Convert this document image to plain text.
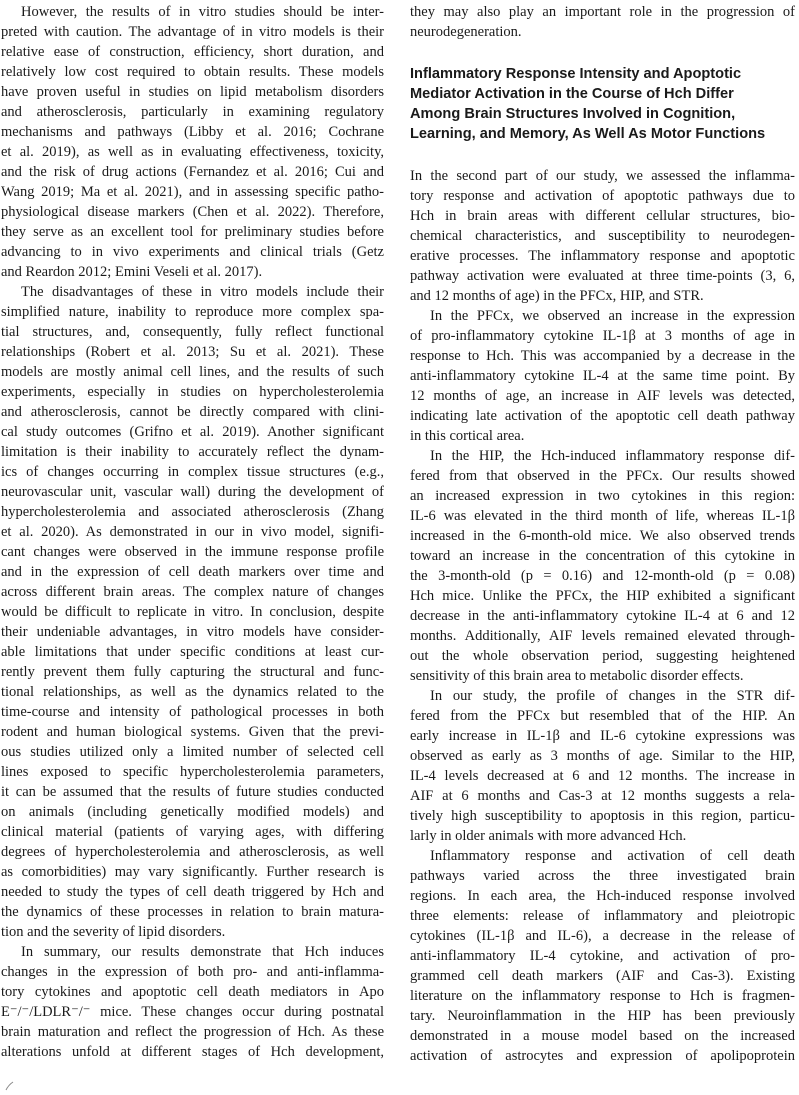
However, the results of in vitro studies should be inter-
preted with caution. The advantage of in vitro models is their
relative ease of construction, efficiency, short duration, and
relatively low cost required to obtain results. These models
have proven useful in studies on lipid metabolism disorders
and atherosclerosis, particularly in examining regulatory
mechanisms and pathways (Libby et al. 2016; Cochrane
et al. 2019), as well as in evaluating effectiveness, toxicity,
and the risk of drug actions (Fernandez et al. 2016; Cui and
Wang 2019; Ma et al. 2021), and in assessing specific patho-
physiological disease markers (Chen et al. 2022). Therefore,
they serve as an excellent tool for preliminary studies before
advancing to in vivo experiments and clinical trials (Getz
and Reardon 2012; Emini Veseli et al. 2017).
The disadvantages of these in vitro models include their
simplified nature, inability to reproduce more complex spa-
tial structures, and, consequently, fully reflect functional
relationships (Robert et al. 2013; Su et al. 2021). These
models are mostly animal cell lines, and the results of such
experiments, especially in studies on hypercholesterolemia
and atherosclerosis, cannot be directly compared with clini-
cal study outcomes (Grifno et al. 2019). Another significant
limitation is their inability to accurately reflect the dynam-
ics of changes occurring in complex tissue structures (e.g.,
neurovascular unit, vascular wall) during the development of
hypercholesterolemia and associated atherosclerosis (Zhang
et al. 2020). As demonstrated in our in vivo model, signifi-
cant changes were observed in the immune response profile
and in the expression of cell death markers over time and
across different brain areas. The complex nature of changes
would be difficult to replicate in vitro. In conclusion, despite
their undeniable advantages, in vitro models have consider-
able limitations that under specific conditions at least cur-
rently prevent them fully capturing the structural and func-
tional relationships, as well as the dynamics related to the
time-course and intensity of pathological processes in both
rodent and human biological systems. Given that the previ-
ous studies utilized only a limited number of selected cell
lines exposed to specific hypercholesterolemia parameters,
it can be assumed that the results of future studies conducted
on animals (including genetically modified models) and
clinical material (patients of varying ages, with differing
degrees of hypercholesterolemia and atherosclerosis, as well
as comorbidities) may vary significantly. Further research is
needed to study the types of cell death triggered by Hch and
the dynamics of these processes in relation to brain matura-
tion and the severity of lipid disorders.
In summary, our results demonstrate that Hch induces
changes in the expression of both pro- and anti-inflamma-
tory cytokines and apoptotic cell death mediators in Apo
E⁻/⁻/LDLR⁻/⁻ mice. These changes occur during postnatal
brain maturation and reflect the progression of Hch. As these
alterations unfold at different stages of Hch development,
they may also play an important role in the progression of
neurodegeneration.
Inflammatory Response Intensity and Apoptotic
Mediator Activation in the Course of Hch Differ
Among Brain Structures Involved in Cognition,
Learning, and Memory, As Well As Motor Functions
In the second part of our study, we assessed the inflamma-
tory response and activation of apoptotic pathways due to
Hch in brain areas with different cellular structures, bio-
chemical characteristics, and susceptibility to neurodegen-
erative processes. The inflammatory response and apoptotic
pathway activation were evaluated at three time-points (3, 6,
and 12 months of age) in the PFCx, HIP, and STR.
In the PFCx, we observed an increase in the expression
of pro-inflammatory cytokine IL-1β at 3 months of age in
response to Hch. This was accompanied by a decrease in the
anti-inflammatory cytokine IL-4 at the same time point. By
12 months of age, an increase in AIF levels was detected,
indicating late activation of the apoptotic cell death pathway
in this cortical area.
In the HIP, the Hch-induced inflammatory response dif-
fered from that observed in the PFCx. Our results showed
an increased expression in two cytokines in this region:
IL-6 was elevated in the third month of life, whereas IL-1β
increased in the 6-month-old mice. We also observed trends
toward an increase in the concentration of this cytokine in
the 3-month-old (p = 0.16) and 12-month-old (p = 0.08)
Hch mice. Unlike the PFCx, the HIP exhibited a significant
decrease in the anti-inflammatory cytokine IL-4 at 6 and 12
months. Additionally, AIF levels remained elevated through-
out the whole observation period, suggesting heightened
sensitivity of this brain area to metabolic disorder effects.
In our study, the profile of changes in the STR dif-
fered from the PFCx but resembled that of the HIP. An
early increase in IL-1β and IL-6 cytokine expressions was
observed as early as 3 months of age. Similar to the HIP,
IL-4 levels decreased at 6 and 12 months. The increase in
AIF at 6 months and Cas-3 at 12 months suggests a rela-
tively high susceptibility to apoptosis in this region, particu-
larly in older animals with more advanced Hch.
Inflammatory response and activation of cell death
pathways varied across the three investigated brain
regions. In each area, the Hch-induced response involved
three elements: release of inflammatory and pleiotropic
cytokines (IL-1β and IL-6), a decrease in the release of
anti-inflammatory IL-4 cytokine, and activation of pro-
grammed cell death markers (AIF and Cas-3). Existing
literature on the inflammatory response to Hch is fragmen-
tary. Neuroinflammation in the HIP has been previously
demonstrated in a mouse model based on the increased
activation of astrocytes and expression of apolipoprotein
